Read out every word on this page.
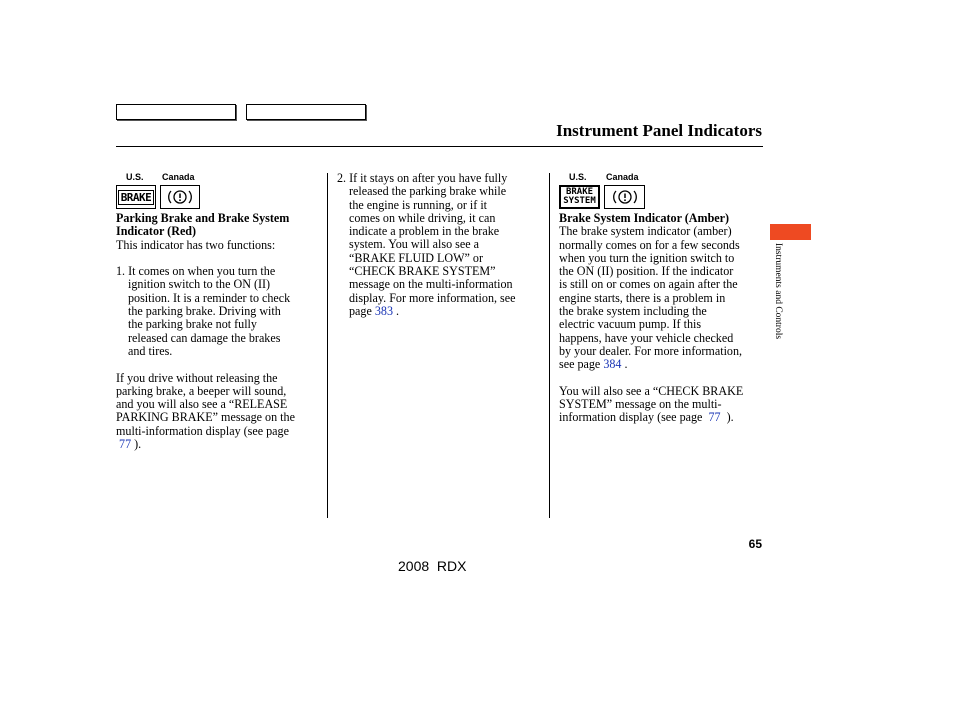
Instrument Panel Indicators
U.S. Canada
BRAKE

Parking Brake and Brake System

Indicator (Red)

This indicator has two functions:

1. It comes on when you turn the

ignition switch to the ON (II)

position. It is a reminder to check

the parking brake. Driving with

the parking brake not fully

released can damage the brakes

and tires.

If you drive without releasing the

parking brake, a beeper will sound,

and you will also see a “RELEASE

PARKING BRAKE” message on the

multi-information display (see page

77 ).

2. If it stays on after you have fully

released the parking brake while

the engine is running, or if it

comes on while driving, it can

indicate a problem in the brake

system. You will also see a

“BRAKE FLUID LOW” or

“CHECK BRAKE SYSTEM”

message on the multi-information

display. For more information, see

page 383 .

U.S. Canada
BRAKE
SYSTEM

Brake System Indicator (Amber)

The brake system indicator (amber)

normally comes on for a few seconds

when you turn the ignition switch to

the ON (II) position. If the indicator

is still on or comes on again after the

engine starts, there is a problem in

the brake system including the

electric vacuum pump. If this

happens, have your vehicle checked

by your dealer. For more information,

see page 384 .

You will also see a “CHECK BRAKE

SYSTEM” message on the multi-

information display (see page  77  ).

Instruments and Controls
65
2008  RDX
